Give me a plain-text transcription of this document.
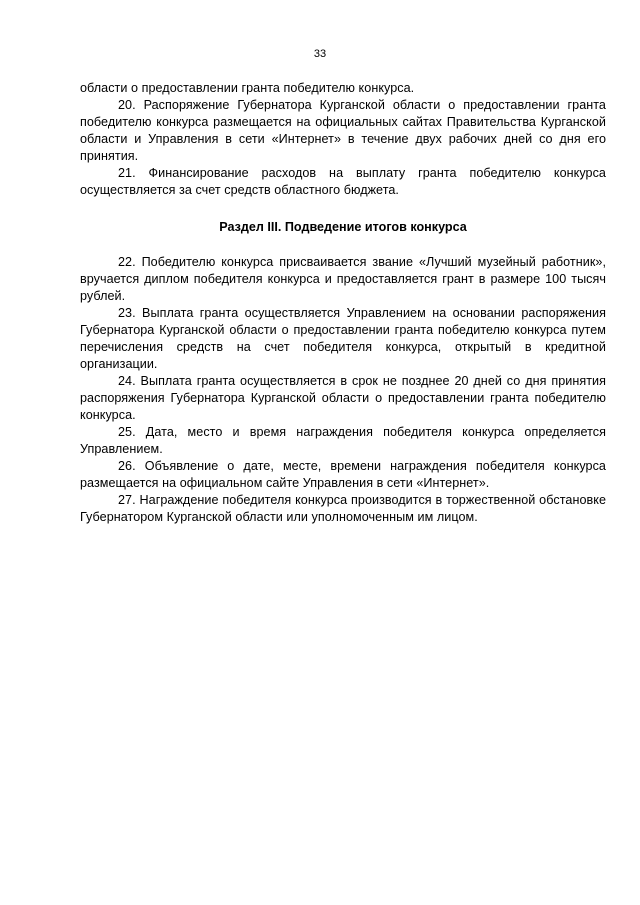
33

области о предоставлении гранта победителю конкурса.

20. Распоряжение Губернатора Курганской области о предоставлении гранта победителю конкурса размещается на официальных сайтах Правительства Курганской области и Управления в сети «Интернет» в течение двух рабочих дней со дня его принятия.

21. Финансирование расходов на выплату гранта победителю конкурса осуществляется за счет средств областного бюджета.

Раздел III. Подведение итогов конкурса

22. Победителю конкурса присваивается звание «Лучший музейный работник», вручается диплом победителя конкурса и предоставляется грант в размере 100 тысяч рублей.

23. Выплата гранта осуществляется Управлением на основании распоряжения Губернатора Курганской области о предоставлении гранта победителю конкурса путем перечисления средств на счет победителя конкурса, открытый в кредитной организации.

24. Выплата гранта осуществляется в срок не позднее 20 дней со дня принятия распоряжения Губернатора Курганской области о предоставлении гранта победителю конкурса.

25. Дата, место и время награждения победителя конкурса определяется Управлением.

26. Объявление о дате, месте, времени награждения победителя конкурса размещается на официальном сайте Управления в сети «Интернет».

27. Награждение победителя конкурса производится в торжественной обстановке Губернатором Курганской области или уполномоченным им лицом.
